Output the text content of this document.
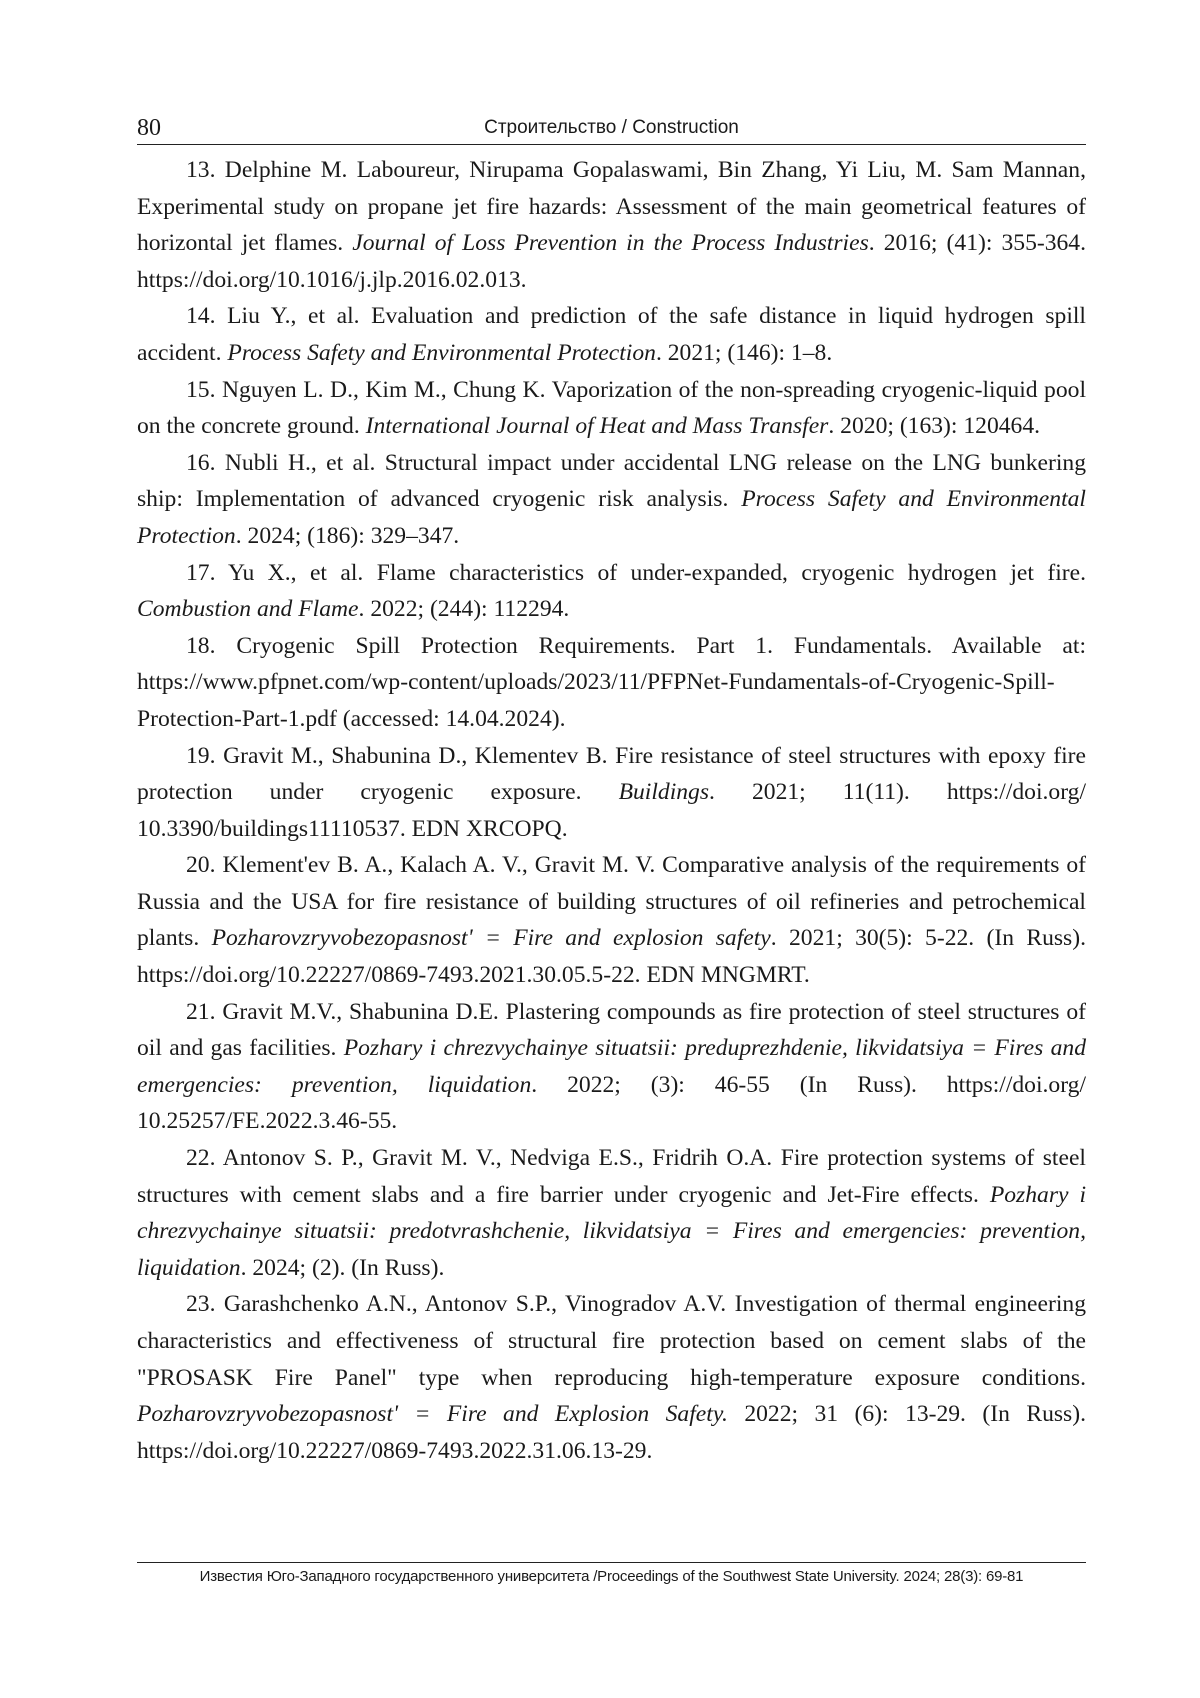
80	Строительство / Construction
13. Delphine M. Laboureur, Nirupama Gopalaswami, Bin Zhang, Yi Liu, M. Sam Mannan, Experimental study on propane jet fire hazards: Assessment of the main geometrical features of horizontal jet flames. Journal of Loss Prevention in the Process Industries. 2016; (41): 355-364. https://doi.org/10.1016/j.jlp.2016.02.013.
14. Liu Y., et al. Evaluation and prediction of the safe distance in liquid hydrogen spill accident. Process Safety and Environmental Protection. 2021; (146): 1–8.
15. Nguyen L. D., Kim M., Chung K. Vaporization of the non-spreading cryogenic-liquid pool on the concrete ground. International Journal of Heat and Mass Transfer. 2020; (163): 120464.
16. Nubli H., et al. Structural impact under accidental LNG release on the LNG bunkering ship: Implementation of advanced cryogenic risk analysis. Process Safety and Environmental Protection. 2024; (186): 329–347.
17. Yu X., et al. Flame characteristics of under-expanded, cryogenic hydrogen jet fire. Combustion and Flame. 2022; (244): 112294.
18. Cryogenic Spill Protection Requirements. Part 1. Fundamentals. Available at: https://www.pfpnet.com/wp-content/uploads/2023/11/PFPNet-Fundamentals-of-Cryogenic-Spill-Protection-Part-1.pdf (accessed: 14.04.2024).
19. Gravit M., Shabunina D., Klementev B. Fire resistance of steel structures with epoxy fire protection under cryogenic exposure. Buildings. 2021; 11(11). https://doi.org/ 10.3390/buildings11110537. EDN XRCOPQ.
20. Klement'ev B. A., Kalach A. V., Gravit M. V. Comparative analysis of the requirements of Russia and the USA for fire resistance of building structures of oil refineries and petrochemical plants. Pozharovzryvobezopasnost' = Fire and explosion safety. 2021; 30(5): 5-22. (In Russ). https://doi.org/10.22227/0869-7493.2021.30.05.5-22. EDN MNGMRT.
21. Gravit M.V., Shabunina D.E. Plastering compounds as fire protection of steel structures of oil and gas facilities. Pozhary i chrezvychainye situatsii: preduprezhdenie, likvidatsiya = Fires and emergencies: prevention, liquidation. 2022; (3): 46-55 (In Russ). https://doi.org/ 10.25257/FE.2022.3.46-55.
22. Antonov S. P., Gravit M. V., Nedviga E.S., Fridrih O.A. Fire protection systems of steel structures with cement slabs and a fire barrier under cryogenic and Jet-Fire effects. Pozhary i chrezvychainye situatsii: predotvrashchenie, likvidatsiya = Fires and emergencies: prevention, liquidation. 2024; (2). (In Russ).
23. Garashchenko A.N., Antonov S.P., Vinogradov A.V. Investigation of thermal engineering characteristics and effectiveness of structural fire protection based on cement slabs of the "PROSASK Fire Panel" type when reproducing high-temperature exposure conditions. Pozharovzryvobezopasnost' = Fire and Explosion Safety. 2022; 31 (6): 13-29. (In Russ). https://doi.org/10.22227/0869-7493.2022.31.06.13-29.
Известия Юго-Западного государственного университета /Proceedings of the Southwest State University. 2024; 28(3): 69-81
